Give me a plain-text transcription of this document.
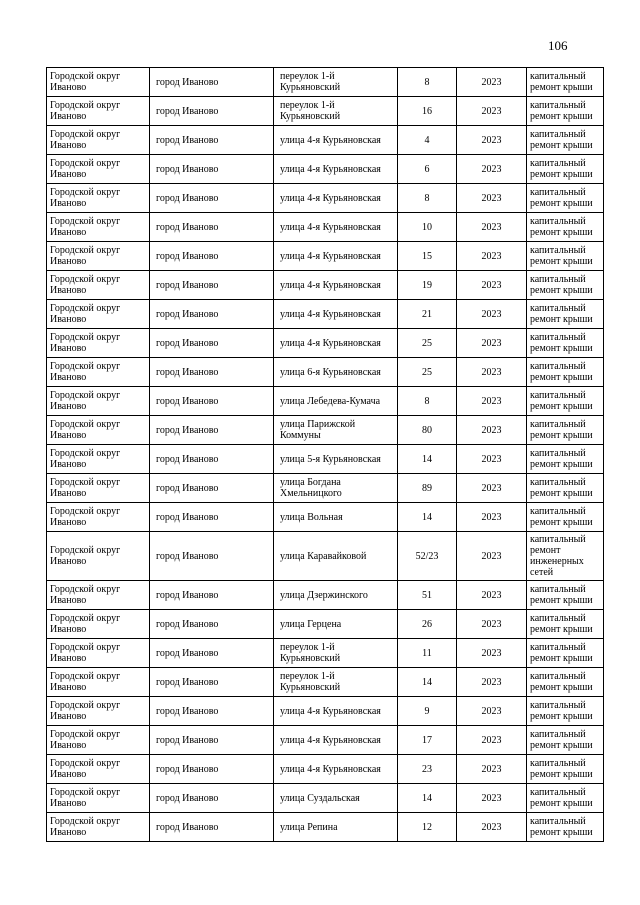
106
Городской округ Иваново	город Иваново	переулок 1-й Курьяновский	8	2023	капитальный ремонт крыши
Городской округ Иваново	город Иваново	переулок 1-й Курьяновский	16	2023	капитальный ремонт крыши
Городской округ Иваново	город Иваново	улица 4-я Курьяновская	4	2023	капитальный ремонт крыши
Городской округ Иваново	город Иваново	улица 4-я Курьяновская	6	2023	капитальный ремонт крыши
Городской округ Иваново	город Иваново	улица 4-я Курьяновская	8	2023	капитальный ремонт крыши
Городской округ Иваново	город Иваново	улица 4-я Курьяновская	10	2023	капитальный ремонт крыши
Городской округ Иваново	город Иваново	улица 4-я Курьяновская	15	2023	капитальный ремонт крыши
Городской округ Иваново	город Иваново	улица 4-я Курьяновская	19	2023	капитальный ремонт крыши
Городской округ Иваново	город Иваново	улица 4-я Курьяновская	21	2023	капитальный ремонт крыши
Городской округ Иваново	город Иваново	улица 4-я Курьяновская	25	2023	капитальный ремонт крыши
Городской округ Иваново	город Иваново	улица 6-я Курьяновская	25	2023	капитальный ремонт крыши
Городской округ Иваново	город Иваново	улица Лебедева-Кумача	8	2023	капитальный ремонт крыши
Городской округ Иваново	город Иваново	улица Парижской Коммуны	80	2023	капитальный ремонт крыши
Городской округ Иваново	город Иваново	улица 5-я Курьяновская	14	2023	капитальный ремонт крыши
Городской округ Иваново	город Иваново	улица Богдана Хмельницкого	89	2023	капитальный ремонт крыши
Городской округ Иваново	город Иваново	улица Вольная	14	2023	капитальный ремонт крыши
Городской округ Иваново	город Иваново	улица Каравайковой	52/23	2023	капитальный ремонт инженерных сетей
Городской округ Иваново	город Иваново	улица Дзержинского	51	2023	капитальный ремонт крыши
Городской округ Иваново	город Иваново	улица Герцена	26	2023	капитальный ремонт крыши
Городской округ Иваново	город Иваново	переулок 1-й Курьяновский	11	2023	капитальный ремонт крыши
Городской округ Иваново	город Иваново	переулок 1-й Курьяновский	14	2023	капитальный ремонт крыши
Городской округ Иваново	город Иваново	улица 4-я Курьяновская	9	2023	капитальный ремонт крыши
Городской округ Иваново	город Иваново	улица 4-я Курьяновская	17	2023	капитальный ремонт крыши
Городской округ Иваново	город Иваново	улица 4-я Курьяновская	23	2023	капитальный ремонт крыши
Городской округ Иваново	город Иваново	улица Суздальская	14	2023	капитальный ремонт крыши
Городской округ Иваново	город Иваново	улица Репина	12	2023	капитальный ремонт крыши
